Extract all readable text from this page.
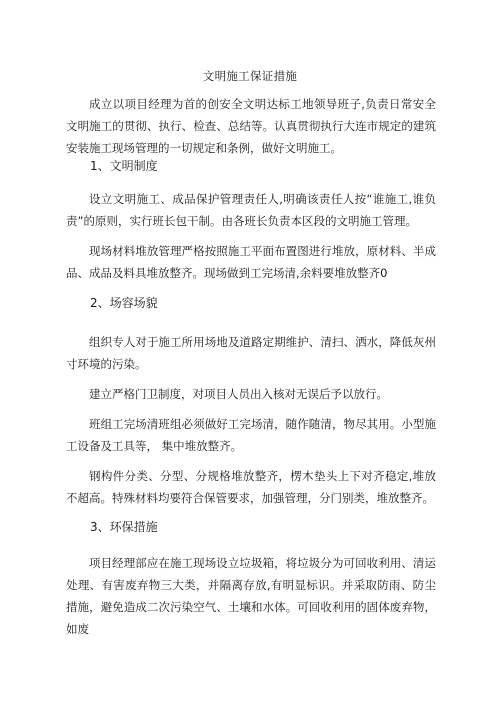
文明施工保证措施

成立以项目经理为首的创安全文明达标工地领导班子,负责日常安全文明施工的贯彻、执行、检查、总结等。认真贯彻执行大连市规定的建筑安装施工现场管理的一切规定和条例，做好文明施工。

1、文明制度

设立文明施工、成品保护管理责任人,明确该责任人按“谁施工,谁负责”的原则，实行班长包干制。由各班长负责本区段的文明施工管理。

现场材料堆放管理严格按照施工平面布置图进行堆放，原材料、半成品、成品及料具堆放整齐。现场做到工完场清,余料要堆放整齐0

2、场容场貌

组织专人对于施工所用场地及道路定期维护、清扫、洒水，降低灰州寸环境的污染。

建立严格门卫制度，对项目人员出入核对无误后予以放行。

班组工完场清班组必须做好工完场清，随作随清，物尽其用。小型施工设备及工具等， 集中堆放整齐。

钢构件分类、分型、分规格堆放整齐，楞木垫头上下对齐稳定,堆放不超高。特殊材料均要符合保管要求，加强管理，分门别类，堆放整齐。

3、环保措施

项目经理部应在施工现场设立垃圾箱，将垃圾分为可回收利用、清运处理、有害废弃物三大类，并隔离存放,有明显标识。并采取防雨、防尘措施，避免造成二次污染空气、土壤和水体。可回收利用的固体废弃物，如废
